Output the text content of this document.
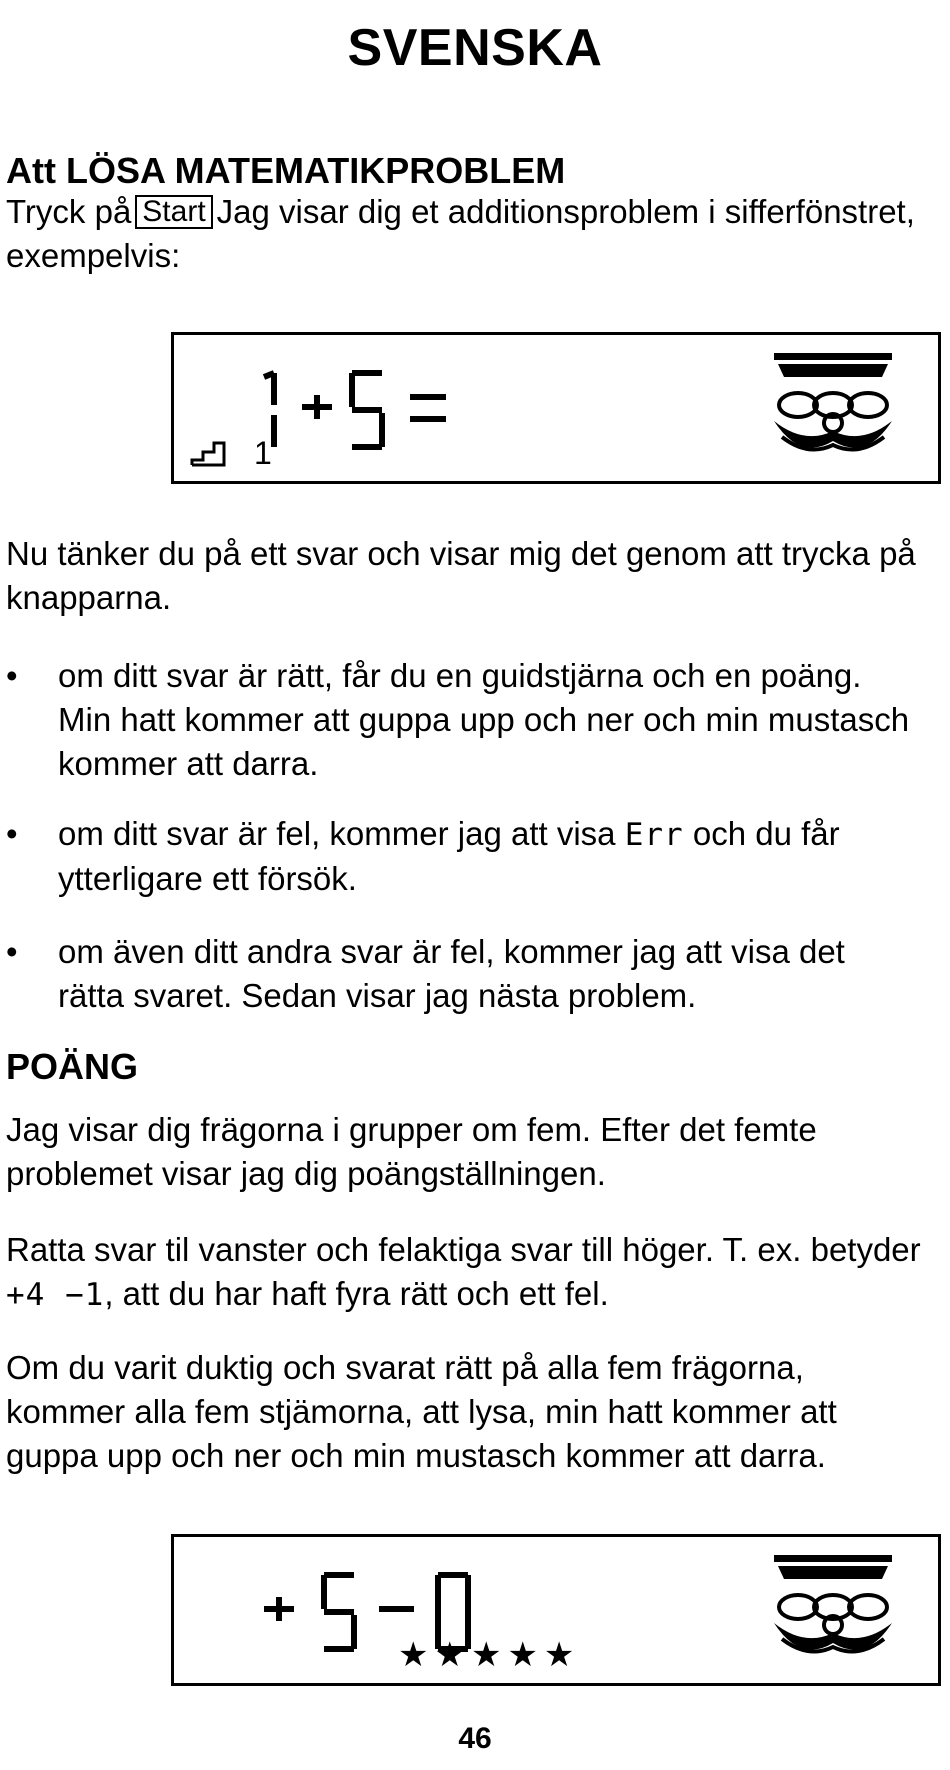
SVENSKA
Att LÖSA MATEMATIKPROBLEM
Tryck på Start Jag visar dig et additionsproblem i sifferfönstret, exempelvis:
1
Nu tänker du på ett svar och visar mig det genom att trycka på knapparna.
•	om ditt svar är rätt, får du en guidstjärna och en poäng. Min hatt kommer att guppa upp och ner och min mustasch kommer att darra.
•	om ditt svar är fel, kommer jag att visa Err och du får ytterligare ett försök.
•	om även ditt andra svar är fel, kommer jag att visa det rätta svaret. Sedan visar jag nästa problem.
POÄNG
Jag visar dig frägorna i grupper om fem. Efter det femte problemet visar jag dig poängställningen.
Ratta svar til vanster och felaktiga svar till höger. T. ex. betyder
+4 −1, att du har haft fyra rätt och ett fel.
Om du varit duktig och svarat rätt på alla fem frägorna, kommer alla fem stjämorna, att lysa, min hatt kommer att guppa upp och ner och min mustasch kommer att darra.
★★★★★
46
